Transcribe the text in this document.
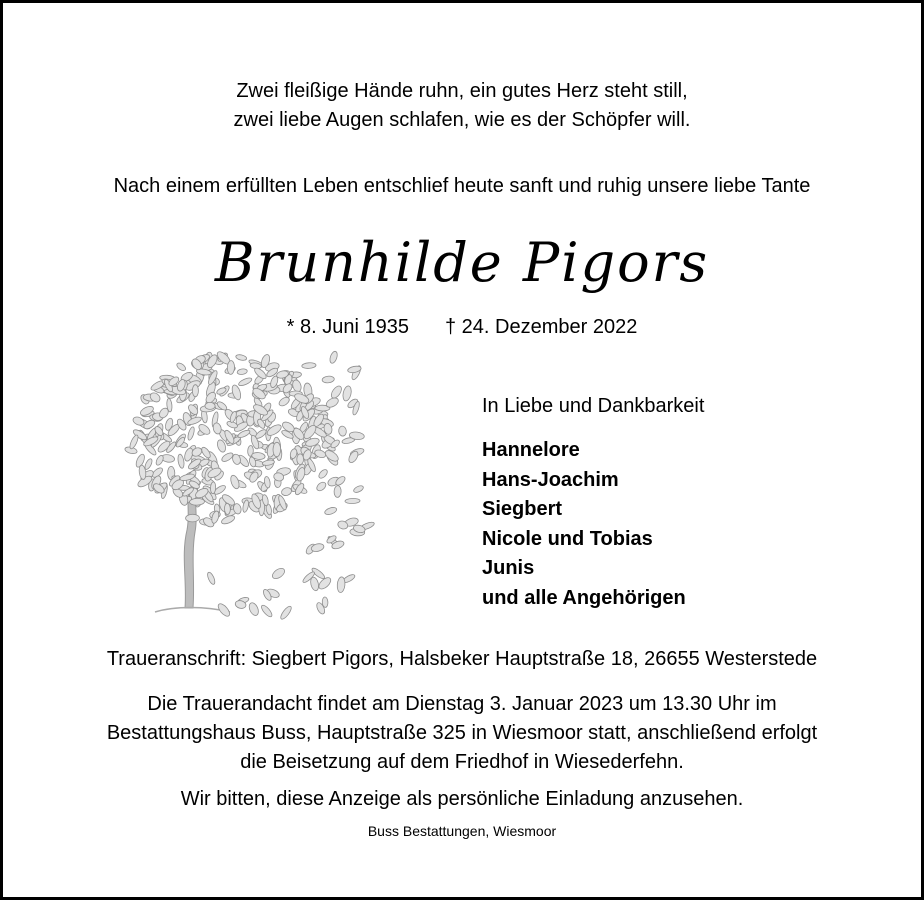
Zwei fleißige Hände ruhn, ein gutes Herz steht still,
zwei liebe Augen schlafen, wie es der Schöpfer will.
Nach einem erfüllten Leben entschlief heute sanft und ruhig unsere liebe Tante
Brunhilde Pigors
* 8. Juni 1935 † 24. Dezember 2022
In Liebe und Dankbarkeit
Hannelore
Hans-Joachim
Siegbert
Nicole und Tobias
Junis
und alle Angehörigen
Traueranschrift: Siegbert Pigors, Halsbeker Hauptstraße 18, 26655 Westerstede
Die Trauerandacht findet am Dienstag 3. Januar 2023 um 13.30 Uhr im
Bestattungshaus Buss, Hauptstraße 325 in Wiesmoor statt, anschließend erfolgt
die Beisetzung auf dem Friedhof in Wiesederfehn.
Wir bitten, diese Anzeige als persönliche Einladung anzusehen.
Buss Bestattungen, Wiesmoor
